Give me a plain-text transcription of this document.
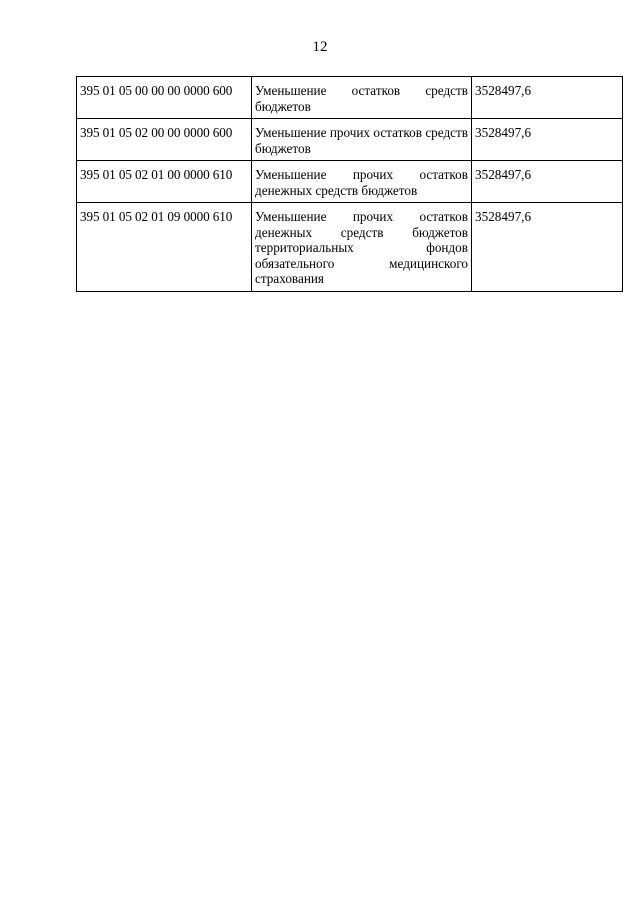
12
395 01 05 00 00 00 0000 600	Уменьшение остатков средств бюджетов	3528497,6
395 01 05 02 00 00 0000 600	Уменьшение прочих остатков средств бюджетов	3528497,6
395 01 05 02 01 00 0000 610	Уменьшение прочих остатков денежных средств бюджетов	3528497,6
395 01 05 02 01 09 0000 610	Уменьшение прочих остатков денежных средств бюджетов территориальных фондов обязательного медицинского страхования	3528497,6
